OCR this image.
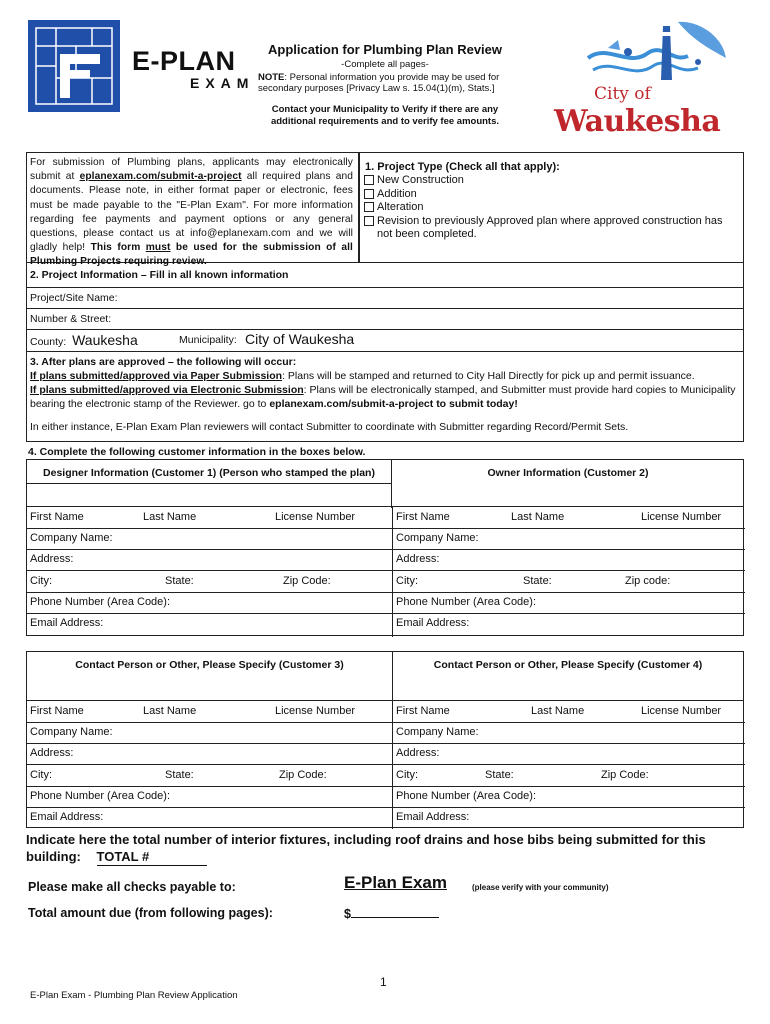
E-PLAN
EXAM
Application for Plumbing Plan Review
-Complete all pages-
NOTE: Personal information you provide may be used for secondary purposes [Privacy Law s. 15.04(1)(m), Stats.]
Contact your Municipality to Verify if there are any additional requirements and to verify fee amounts.
City of
Waukesha
For submission of Plumbing plans, applicants may electronically submit at eplanexam.com/submit-a-project all required plans and documents. Please note, in either format paper or electronic, fees must be made payable to the "E-Plan Exam". For more information regarding fee payments and payment options or any general questions, please contact us at info@eplanexam.com and we will gladly help! This form must be used for the submission of all Plumbing Projects requiring review.
1. Project Type (Check all that apply):
New Construction
Addition
Alteration
Revision to previously Approved plan where approved construction has not been completed.
2. Project Information – Fill in all known information
Project/Site Name:
Number & Street:
County: Waukesha	Municipality: City of Waukesha
3. After plans are approved – the following will occur:
If plans submitted/approved via Paper Submission: Plans will be stamped and returned to City Hall Directly for pick up and permit issuance.
If plans submitted/approved via Electronic Submission: Plans will be electronically stamped, and Submitter must provide hard copies to Municipality bearing the electronic stamp of the Reviewer. go to eplanexam.com/submit-a-project to submit today!
In either instance, E-Plan Exam Plan reviewers will contact Submitter to coordinate with Submitter regarding Record/Permit Sets.
4. Complete the following customer information in the boxes below.
Designer Information (Customer 1) (Person who stamped the plan)	Owner Information (Customer 2)
First Name	Last Name	License Number
Company Name:
Address:
City:	State:	Zip Code:
Phone Number (Area Code):
Email Address:
First Name	Last Name	License Number
Company Name:
Address:
City:	State:	Zip code:
Phone Number (Area Code):
Email Address:
Contact Person or Other, Please Specify (Customer 3)	Contact Person or Other, Please Specify (Customer 4)
First Name	Last Name	License Number
Company Name:
Address:
City:	State:	Zip Code:
Phone Number (Area Code):
Email Address:
First Name	Last Name	License Number
Company Name:
Address:
City:	State:	Zip Code:
Phone Number (Area Code):
Email Address:
Indicate here the total number of interior fixtures, including roof drains and hose bibs being submitted for this building: TOTAL #
Please make all checks payable to:	E-Plan Exam	(please verify with your community)
Total amount due (from following pages):	$
1
E-Plan Exam - Plumbing Plan Review Application
